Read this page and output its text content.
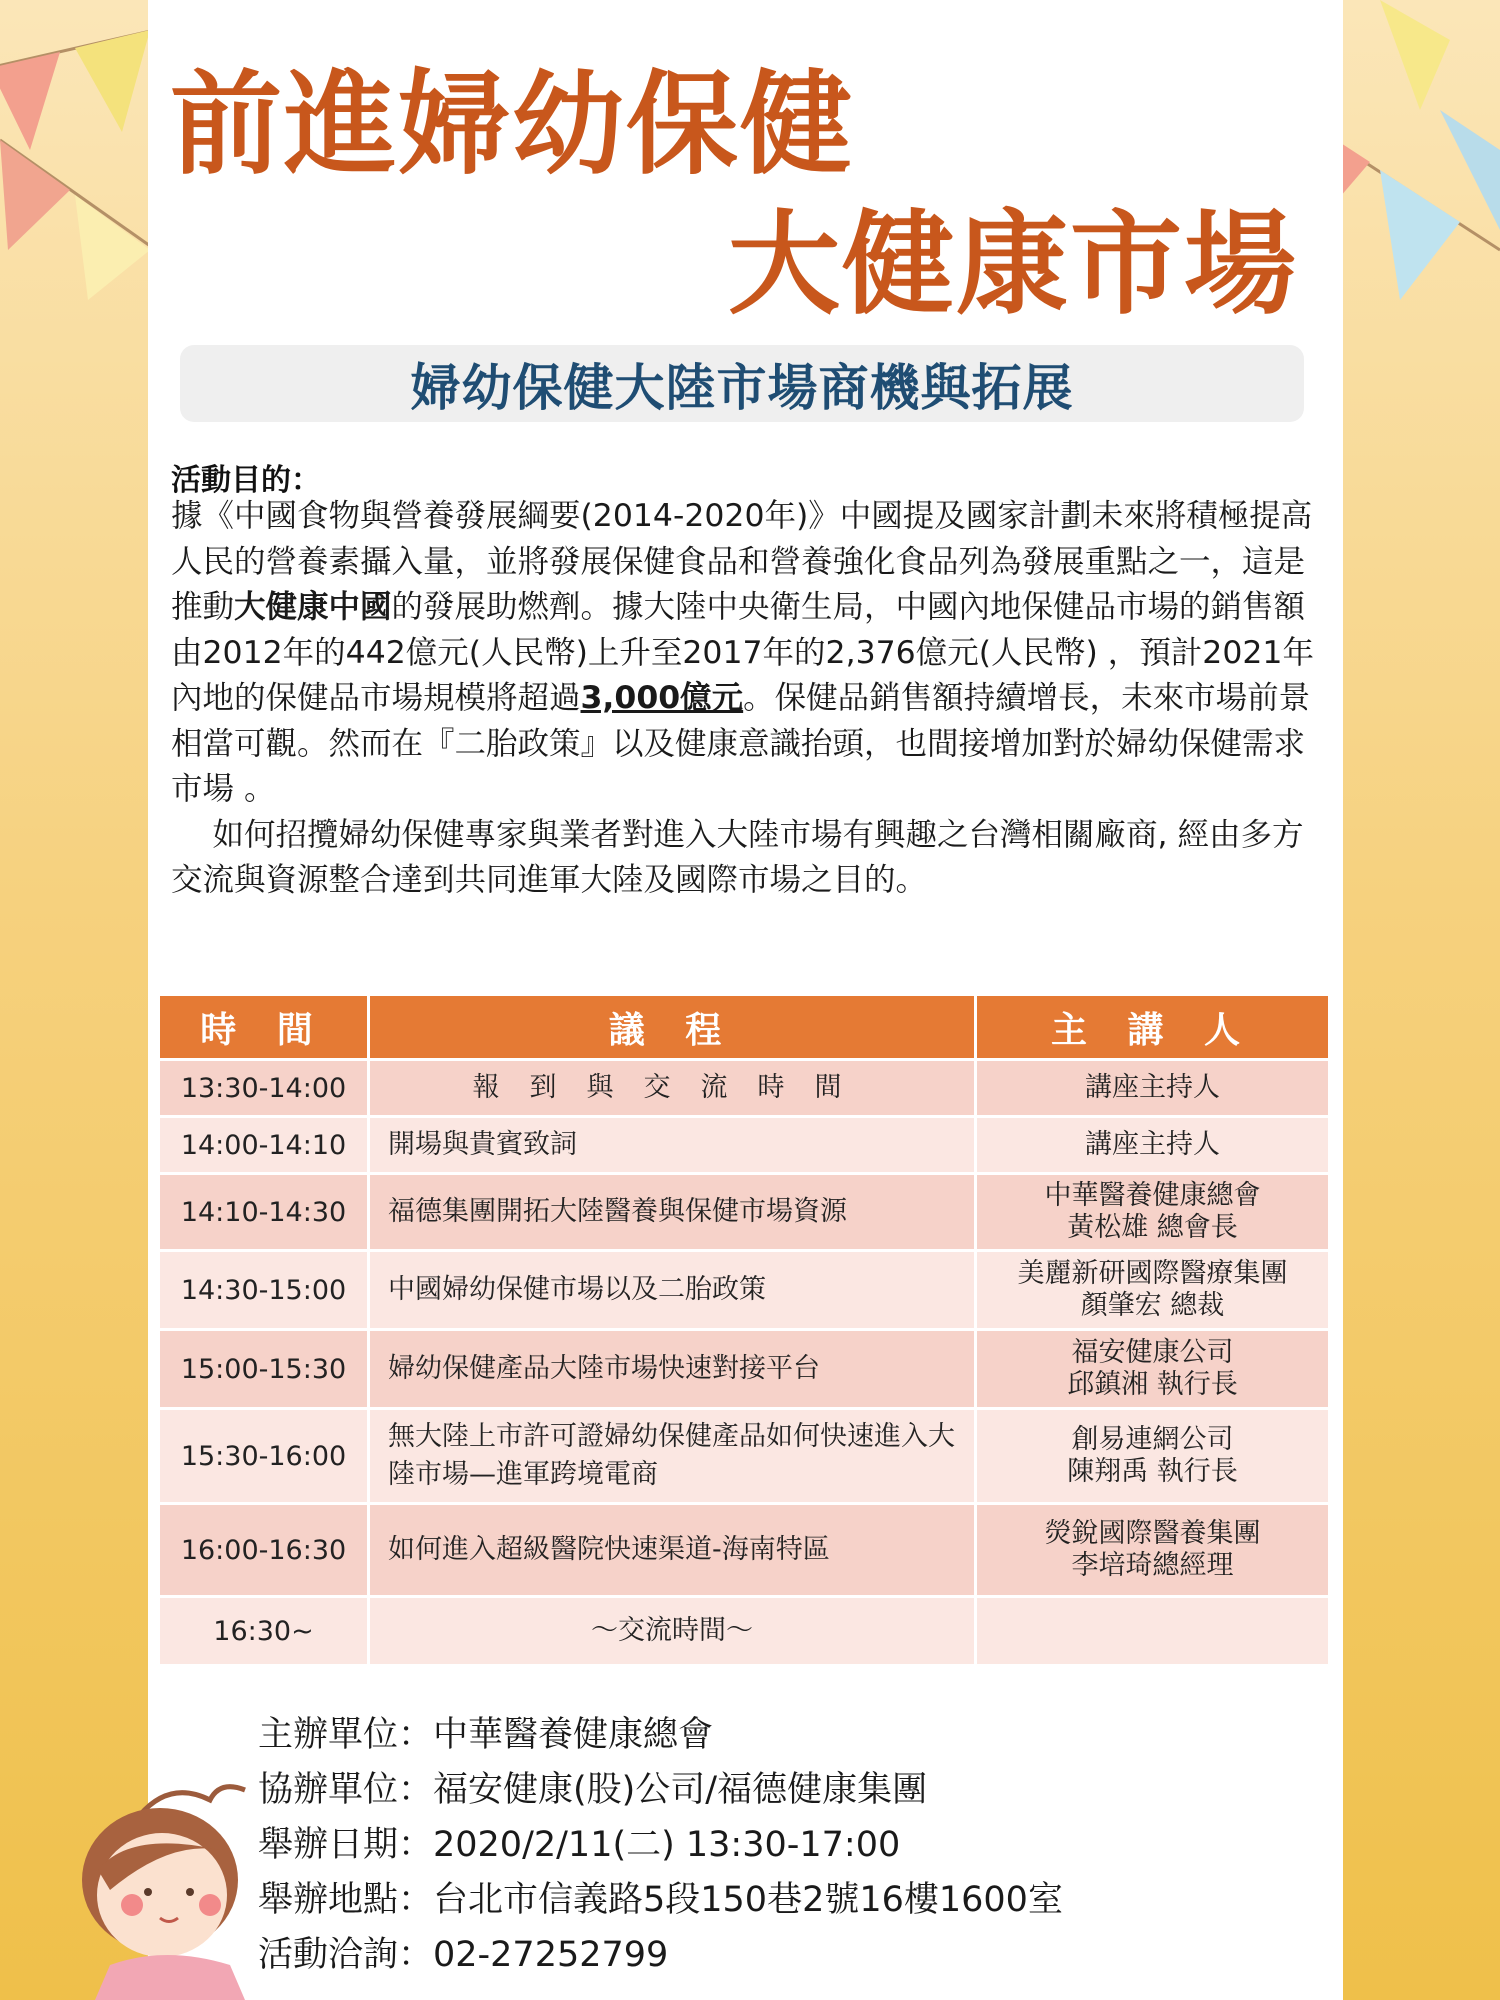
前進婦幼保健
大健康市場
婦幼保健大陸市場商機與拓展
活動目的：

據《中國食物與營養發展綱要(2014-2020年)》中國提及國家計劃未來將積極提高人民的營養素攝入量，並將發展保健食品和營養強化食品列為發展重點之一，這是推動大健康中國的發展助燃劑。據大陸中央衛生局，中國內地保健品市場的銷售額由2012年的442億元(人民幣)上升至2017年的2,376億元(人民幣) ，預計2021年內地的保健品市場規模將超過3,000億元。保健品銷售額持續增長，未來市場前景相當可觀。然而在『二胎政策』以及健康意識抬頭，也間接增加對於婦幼保健需求市場 。

　 如何招攬婦幼保健專家與業者對進入大陸市場有興趣之台灣相關廠商, 經由多方交流與資源整合達到共同進軍大陸及國際市場之目的。

時 間	議 程	主 講 人
13:30-14:00	報到與交流時間	講座主持人

14:00-14:10	開場與貴賓致詞	講座主持人

14:10-14:30	福德集團開拓大陸醫養與保健市場資源	中華醫養健康總會
黃松雄 總會長

14:30-15:00	中國婦幼保健市場以及二胎政策	美麗新研國際醫療集團
顏肇宏 總裁

15:00-15:30	婦幼保健產品大陸市場快速對接平台	福安健康公司
邱鎮湘 執行長

15:30-16:00	無大陸上市許可證婦幼保健產品如何快速進入大陸市場—進軍跨境電商	創易連網公司
陳翔禹 執行長

16:00-16:30	如何進入超級醫院快速渠道-海南特區	熒銳國際醫養集團
李培琦總經理

16:30~	～交流時間～	
主辦單位：中華醫養健康總會
協辦單位：福安健康(股)公司/福德健康集團
舉辦日期：2020/2/11(二) 13:30-17:00
舉辦地點：台北市信義路5段150巷2號16樓1600室
活動洽詢：02-27252799
